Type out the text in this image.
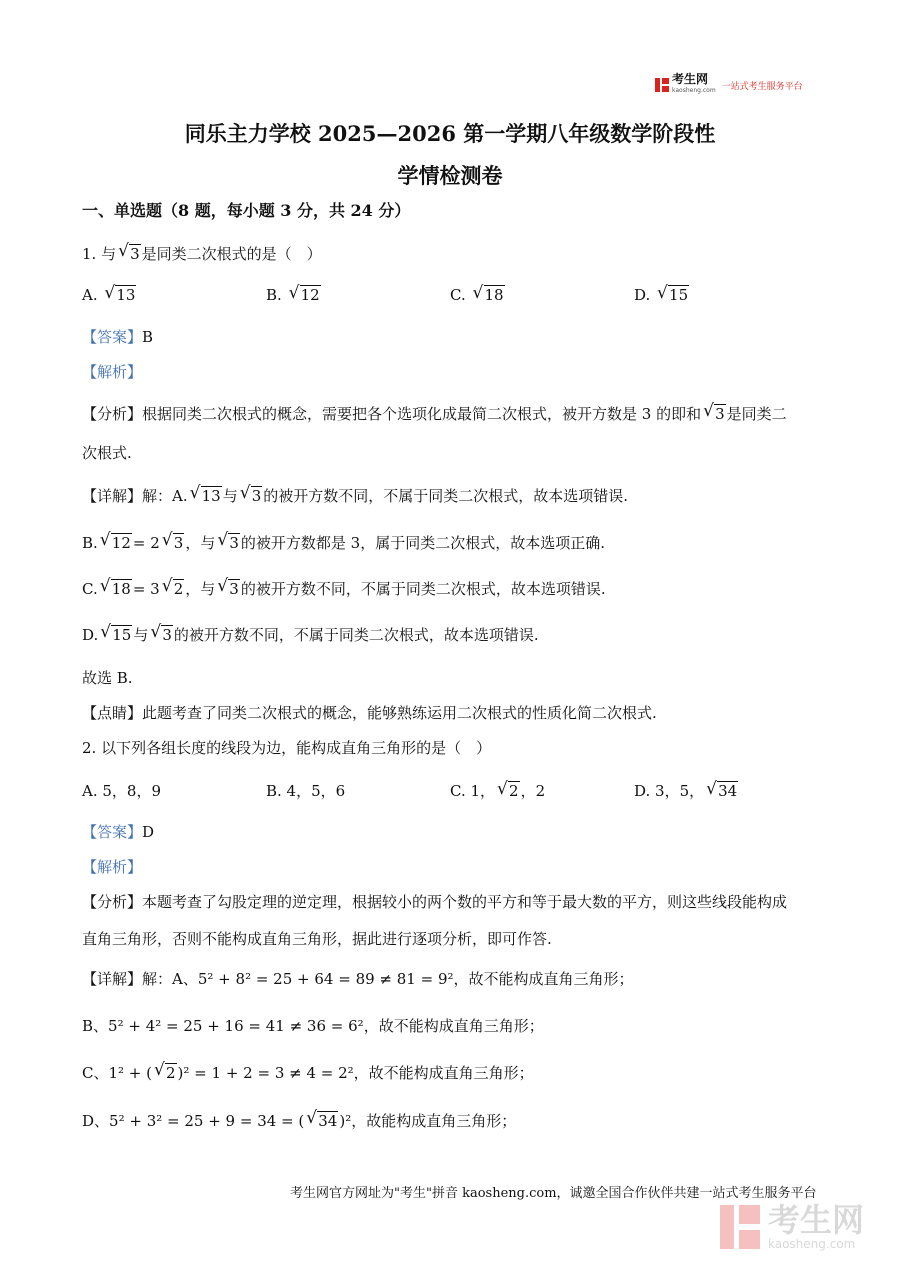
考生网
kaosheng.com 一站式考生服务平台
同乐主力学校 2025—2026 第一学期八年级数学阶段性
学情检测卷
一、单选题（8 题，每小题 3 分，共 24 分）
1. 与 √ 3 是同类二次根式的是（　）
A. √ 13	B. √ 12	C. √ 18	D. √ 15
【答案】B
【解析】
【分析】根据同类二次根式的概念，需要把各个选项化成最简二次根式，被开方数是 3 的即和 √ 3 是同类二
次根式.
【详解】解：A. √ 13 与 √ 3 的被开方数不同，不属于同类二次根式，故本选项错误.
B. √ 12 = 2 √ 3 ，与 √ 3 的被开方数都是 3，属于同类二次根式，故本选项正确.
C. √ 18 = 3 √ 2 ，与 √ 3 的被开方数不同，不属于同类二次根式，故本选项错误.
D. √ 15 与 √ 3 的被开方数不同，不属于同类二次根式，故本选项错误.
故选 B.
【点睛】此题考查了同类二次根式的概念，能够熟练运用二次根式的性质化简二次根式.
2. 以下列各组长度的线段为边，能构成直角三角形的是（　）
A. 5，8，9	B. 4，5，6	C. 1， √ 2 ，2	D. 3，5， √ 34
【答案】D
【解析】
【分析】本题考查了勾股定理的逆定理，根据较小的两个数的平方和等于最大数的平方，则这些线段能构成
直角三角形，否则不能构成直角三角形，据此进行逐项分析，即可作答.
【详解】解：A、5² + 8² = 25 + 64 = 89 ≠ 81 = 9²，故不能构成直角三角形；
B、5² + 4² = 25 + 16 = 41 ≠ 36 = 6²，故不能构成直角三角形；
C、1² + ( √ 2 )² = 1 + 2 = 3 ≠ 4 = 2²，故不能构成直角三角形；
D、5² + 3² = 25 + 9 = 34 = ( √ 34 )²，故能构成直角三角形；
考生网官方网址为"考生"拼音 kaosheng.com，诚邀全国合作伙伴共建一站式考生服务平台
考生网
kaosheng.com
